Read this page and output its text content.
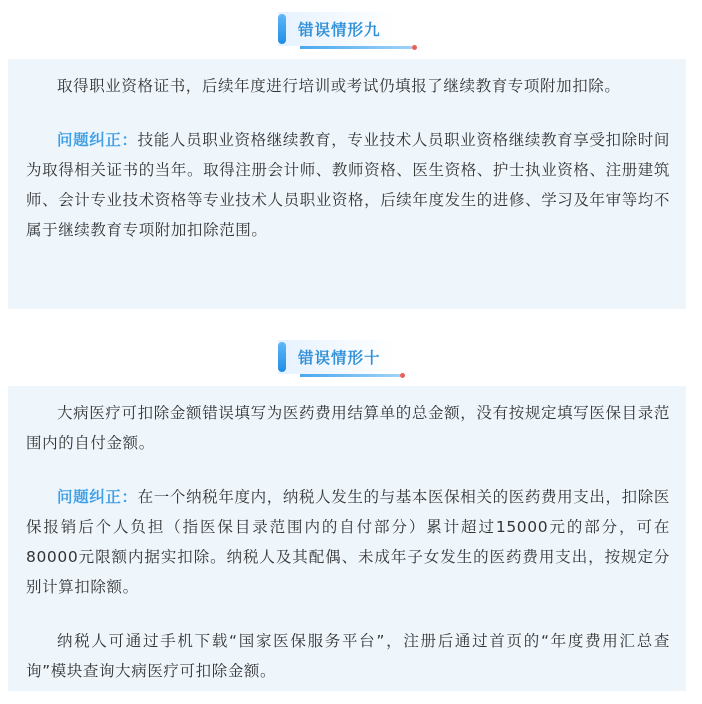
错误情形九

取得职业资格证书，后续年度进行培训或考试仍填报了继续教育专项附加扣除。

问题纠正：技能人员职业资格继续教育，专业技术人员职业资格继续教育享受扣除时间为取得相关证书的当年。取得注册会计师、教师资格、医生资格、护士执业资格、注册建筑师、会计专业技术资格等专业技术人员职业资格，后续年度发生的进修、学习及年审等均不属于继续教育专项附加扣除范围。

错误情形十

大病医疗可扣除金额错误填写为医药费用结算单的总金额，没有按规定填写医保目录范围内的自付金额。

问题纠正：在一个纳税年度内，纳税人发生的与基本医保相关的医药费用支出，扣除医保报销后个人负担（指医保目录范围内的自付部分）累计超过15000元的部分，可在80000元限额内据实扣除。纳税人及其配偶、未成年子女发生的医药费用支出，按规定分别计算扣除额。

纳税人可通过手机下载“国家医保服务平台”，注册后通过首页的“年度费用汇总查询”模块查询大病医疗可扣除金额。
